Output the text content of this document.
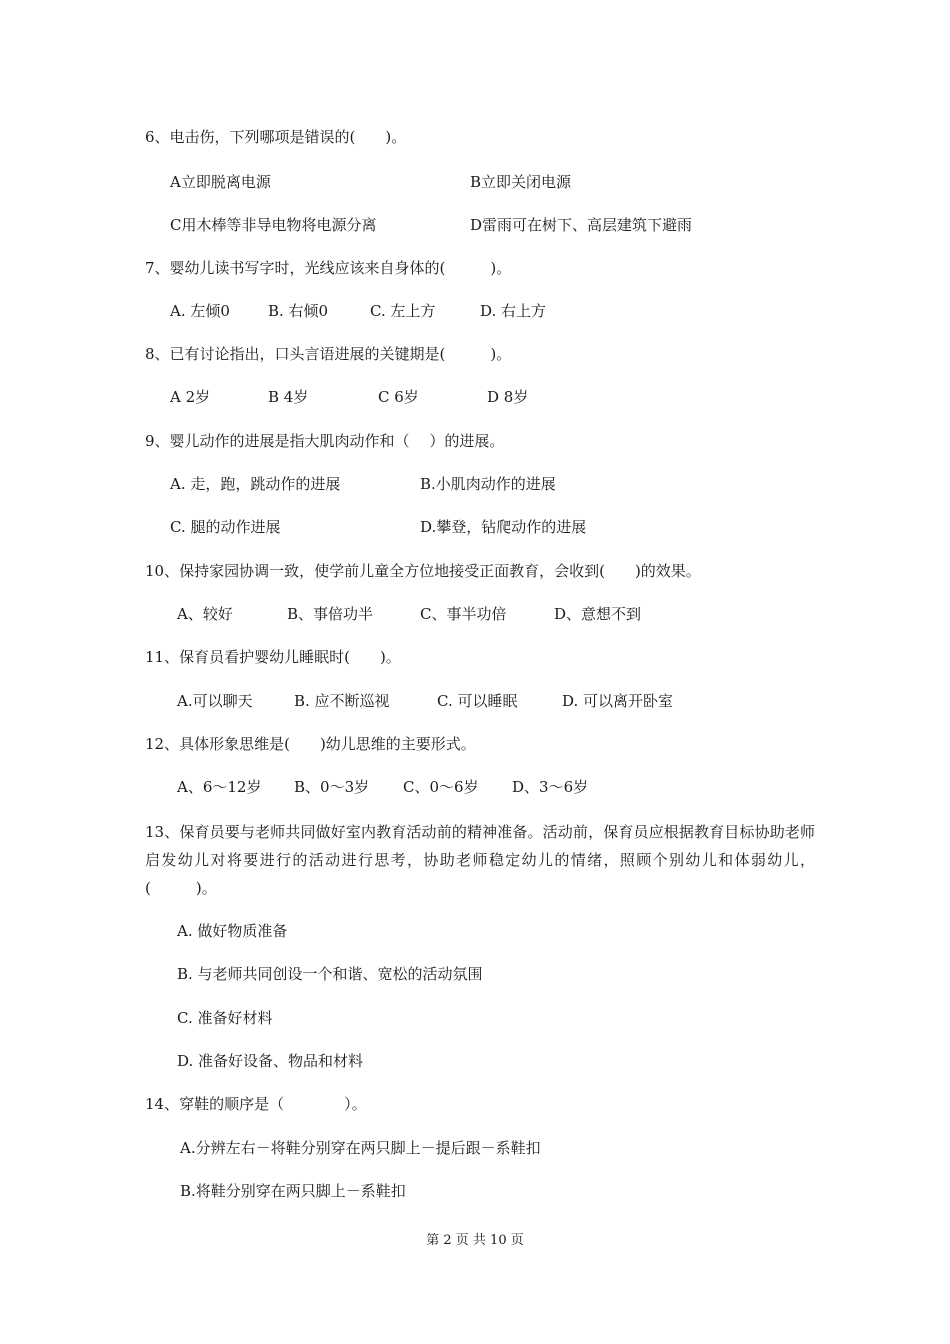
6、电击伤，下列哪项是错误的(　　)。
A立即脱离电源	B立即关闭电源
C用木棒等非导电物将电源分离	D雷雨可在树下、高层建筑下避雨
7、婴幼儿读书写字时，光线应该来自身体的(　　　)。
A. 左倾0	B. 右倾0	C. 左上方	D. 右上方
8、已有讨论指出，口头言语进展的关键期是(　　　)。
A 2岁	B 4岁	C 6岁	D 8岁
9、婴儿动作的进展是指大肌肉动作和（　 ）的进展。
A. 走，跑，跳动作的进展	B.小肌肉动作的进展
C. 腿的动作进展	D.攀登，钻爬动作的进展
10、保持家园协调一致，使学前儿童全方位地接受正面教育，会收到(　　)的效果。
A、较好	B、事倍功半	C、事半功倍	D、意想不到
11、保育员看护婴幼儿睡眠时(　　)。
A.可以聊天	B. 应不断巡视	C. 可以睡眠	D. 可以离开卧室
12、具体形象思维是(　　)幼儿思维的主要形式。
A、6～12岁 B、0～3岁 C、0～6岁 D、3～6岁
13、保育员要与老师共同做好室内教育活动前的精神准备。活动前，保育员应根据教育目标协助老师启发幼儿对将要进行的活动进行思考，协助老师稳定幼儿的情绪，照顾个别幼儿和体弱幼儿，(　　　)。
A. 做好物质准备
B. 与老师共同创设一个和谐、宽松的活动氛围
C. 准备好材料
D. 准备好设备、物品和材料
14、穿鞋的顺序是（　　　　）。
A.分辨左右－将鞋分别穿在两只脚上－提后跟－系鞋扣
B.将鞋分别穿在两只脚上－系鞋扣
第 2 页 共 10 页
